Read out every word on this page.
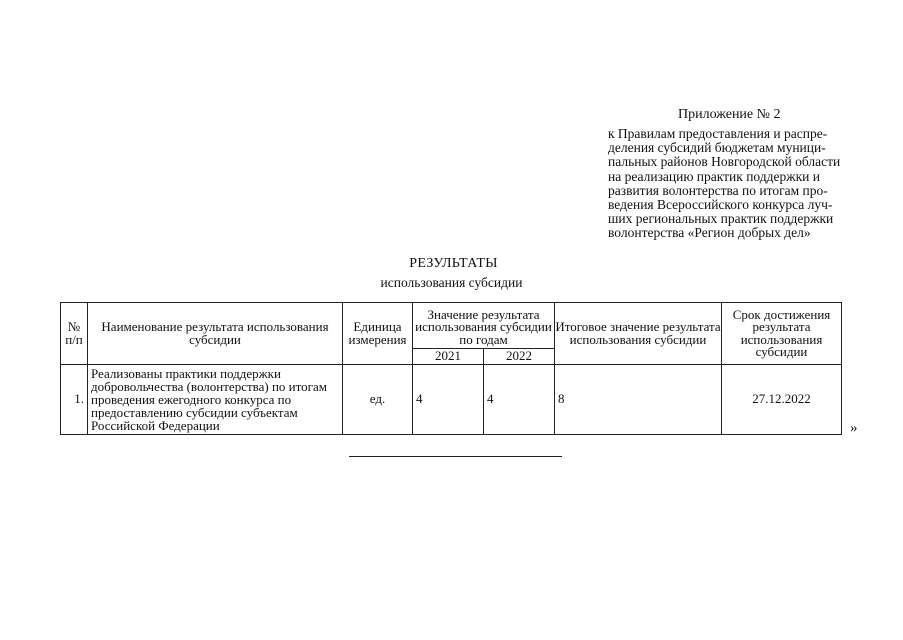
Приложение № 2
к Правилам предоставления и распре-
деления субсидий бюджетам муници-
пальных районов Новгородской области
на реализацию практик поддержки и
развития волонтерства по итогам про-
ведения Всероссийского конкурса луч-
ших региональных практик поддержки
волонтерства «Регион добрых дел»
РЕЗУЛЬТАТЫ
использования субсидии
№ п/п	Наименование результата использования субсидии	Единица измерения	Значение результата использования субсидии по годам		Итоговое значение результата использования субсидии	Срок достижения результата использования субсидии
			2021	2022		
1.	Реализованы практики поддержки добровольчества (волонтерства) по итогам проведения ежегодного конкурса по предоставлению субсидии субъектам Российской Федерации	ед.	4	4	8	27.12.2022
»
